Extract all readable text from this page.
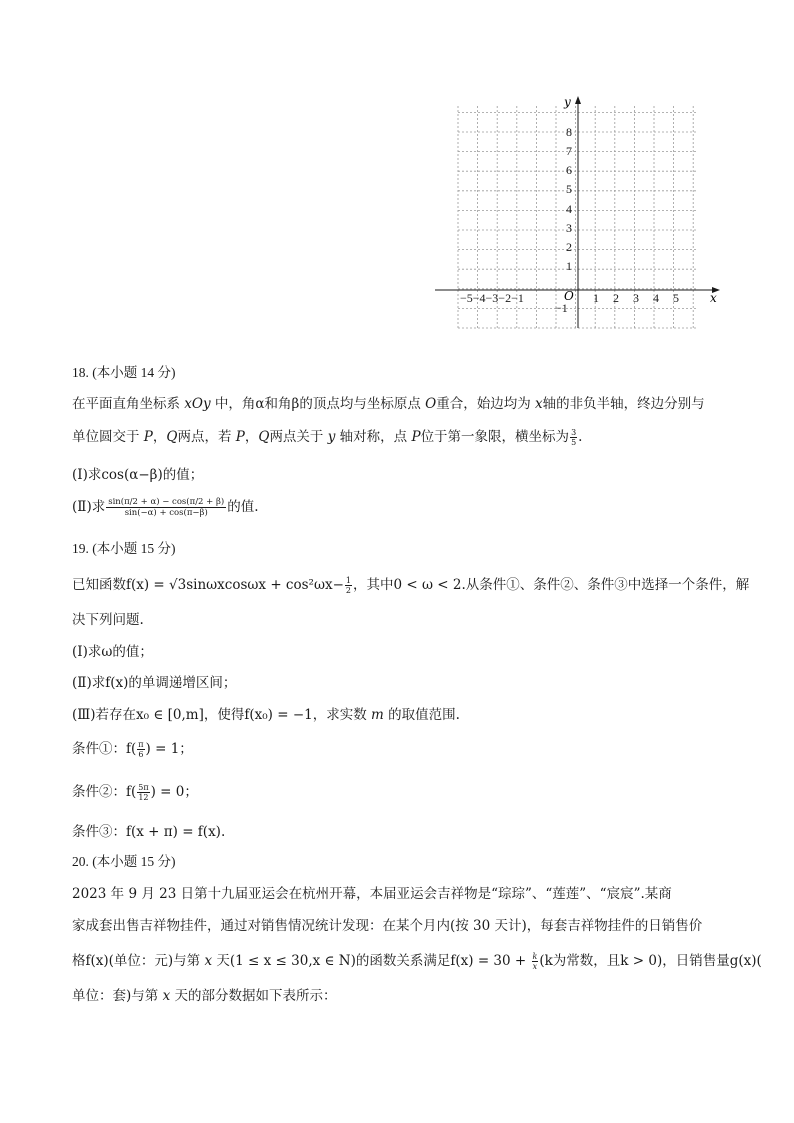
y
x
O
8
7
6
5
4
3
2
1
−1
−5−4−3−2−1	1 2 3 4 5
18. (本小题 14 分)
在平面直角坐标系 xOy 中，角α和角β的顶点均与坐标原点 O重合，始边均为 x轴的非负半轴，终边分别与
单位圆交于 P，Q两点，若 P，Q两点关于 y 轴对称，点 P位于第一象限，横坐标为 $\frac{3}{5}$ .
(Ⅰ)求cos(α−β)的值；
(Ⅱ)求 $\frac{\sin(\pi/2 + \alpha) - \cos(\pi/2 + \beta)}{\sin(-\alpha) + \cos(\pi-\beta)}$ 的值.
19. (本小题 15 分)
已知函数$f(x) = √3\sin\omega xcos\omega x + \cos^2\omega x- \frac{1}{2}$ ，其中0 < ω < 2.从条件①、条件②、条件③中选择一个条件，解
决下列问题.
(Ⅰ)求ω的值；
(Ⅱ)求f(x)的单调递增区间；
(Ⅲ)若存在x₀ ∈ [0,m]，使得f(x₀) = −1，求实数 m 的取值范围.
条件①：$f( \frac{\pi}{6}$ ) = 1；
条件②：$f( \frac{5\pi}{12}$ ) = 0；
条件③：f(x + π) = f(x).
20. (本小题 15 分)
2023 年 9 月 23 日第十九届亚运会在杭州开幕，本届亚运会吉祥物是“琮琮”、“莲莲”、“宸宸”.某商
家成套出售吉祥物挂件，通过对销售情况统计发现：在某个月内(按 30 天计)，每套吉祥物挂件的日销售价
格f(x)(单位：元)与第 x 天(1 ≤ x ≤ 30,x ∈ N)的函数关系满足$f(x) = 30 + \frac{k}{x} (k$为常数，且k > 0)，日销售量g(x)(
单位：套)与第 x 天的部分数据如下表所示：
